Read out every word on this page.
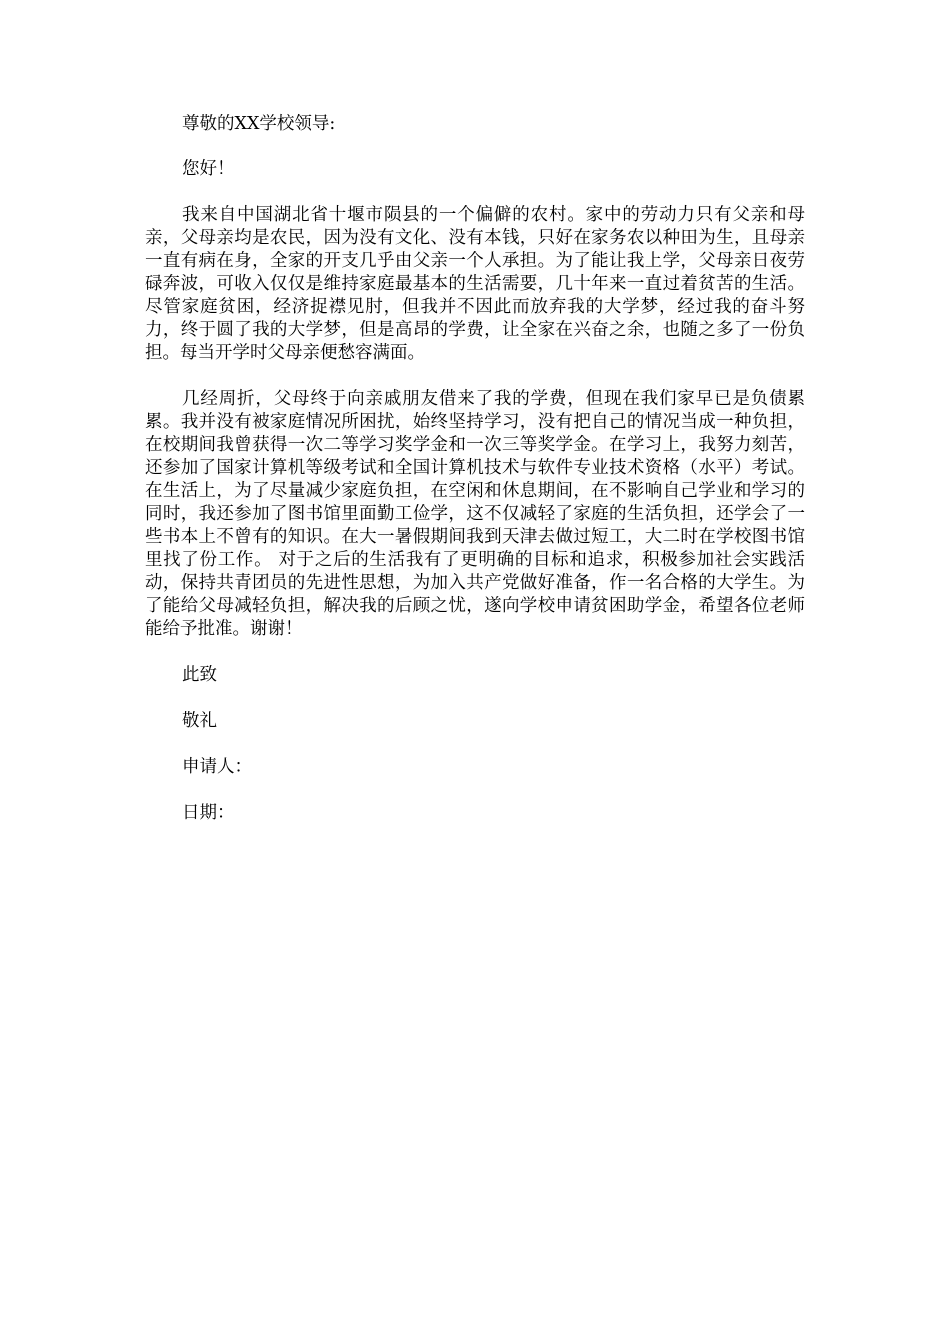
尊敬的XX学校领导:

您好！

我来自中国湖北省十堰市陨县的一个偏僻的农村。家中的劳动力只有父亲和母亲，父母亲均是农民，因为没有文化、没有本钱，只好在家务农以种田为生，且母亲一直有病在身，全家的开支几乎由父亲一个人承担。为了能让我上学，父母亲日夜劳碌奔波，可收入仅仅是维持家庭最基本的生活需要，几十年来一直过着贫苦的生活。尽管家庭贫困，经济捉襟见肘，但我并不因此而放弃我的大学梦，经过我的奋斗努力，终于圆了我的大学梦，但是高昂的学费，让全家在兴奋之余，也随之多了一份负担。每当开学时父母亲便愁容满面。

几经周折，父母终于向亲戚朋友借来了我的学费，但现在我们家早已是负债累累。我并没有被家庭情况所困扰，始终坚持学习，没有把自己的情况当成一种负担，在校期间我曾获得一次二等学习奖学金和一次三等奖学金。在学习上，我努力刻苦，还参加了国家计算机等级考试和全国计算机技术与软件专业技术资格（水平）考试。 在生活上，为了尽量减少家庭负担，在空闲和休息期间，在不影响自己学业和学习的同时，我还参加了图书馆里面勤工俭学，这不仅减轻了家庭的生活负担，还学会了一些书本上不曾有的知识。在大一暑假期间我到天津去做过短工，大二时在学校图书馆里找了份工作。 对于之后的生活我有了更明确的目标和追求，积极参加社会实践活动，保持共青团员的先进性思想，为加入共产党做好准备，作一名合格的大学生。为了能给父母减轻负担，解决我的后顾之忧，遂向学校申请贫困助学金，希望各位老师能给予批准。谢谢！

此致

敬礼

申请人：

日期：
